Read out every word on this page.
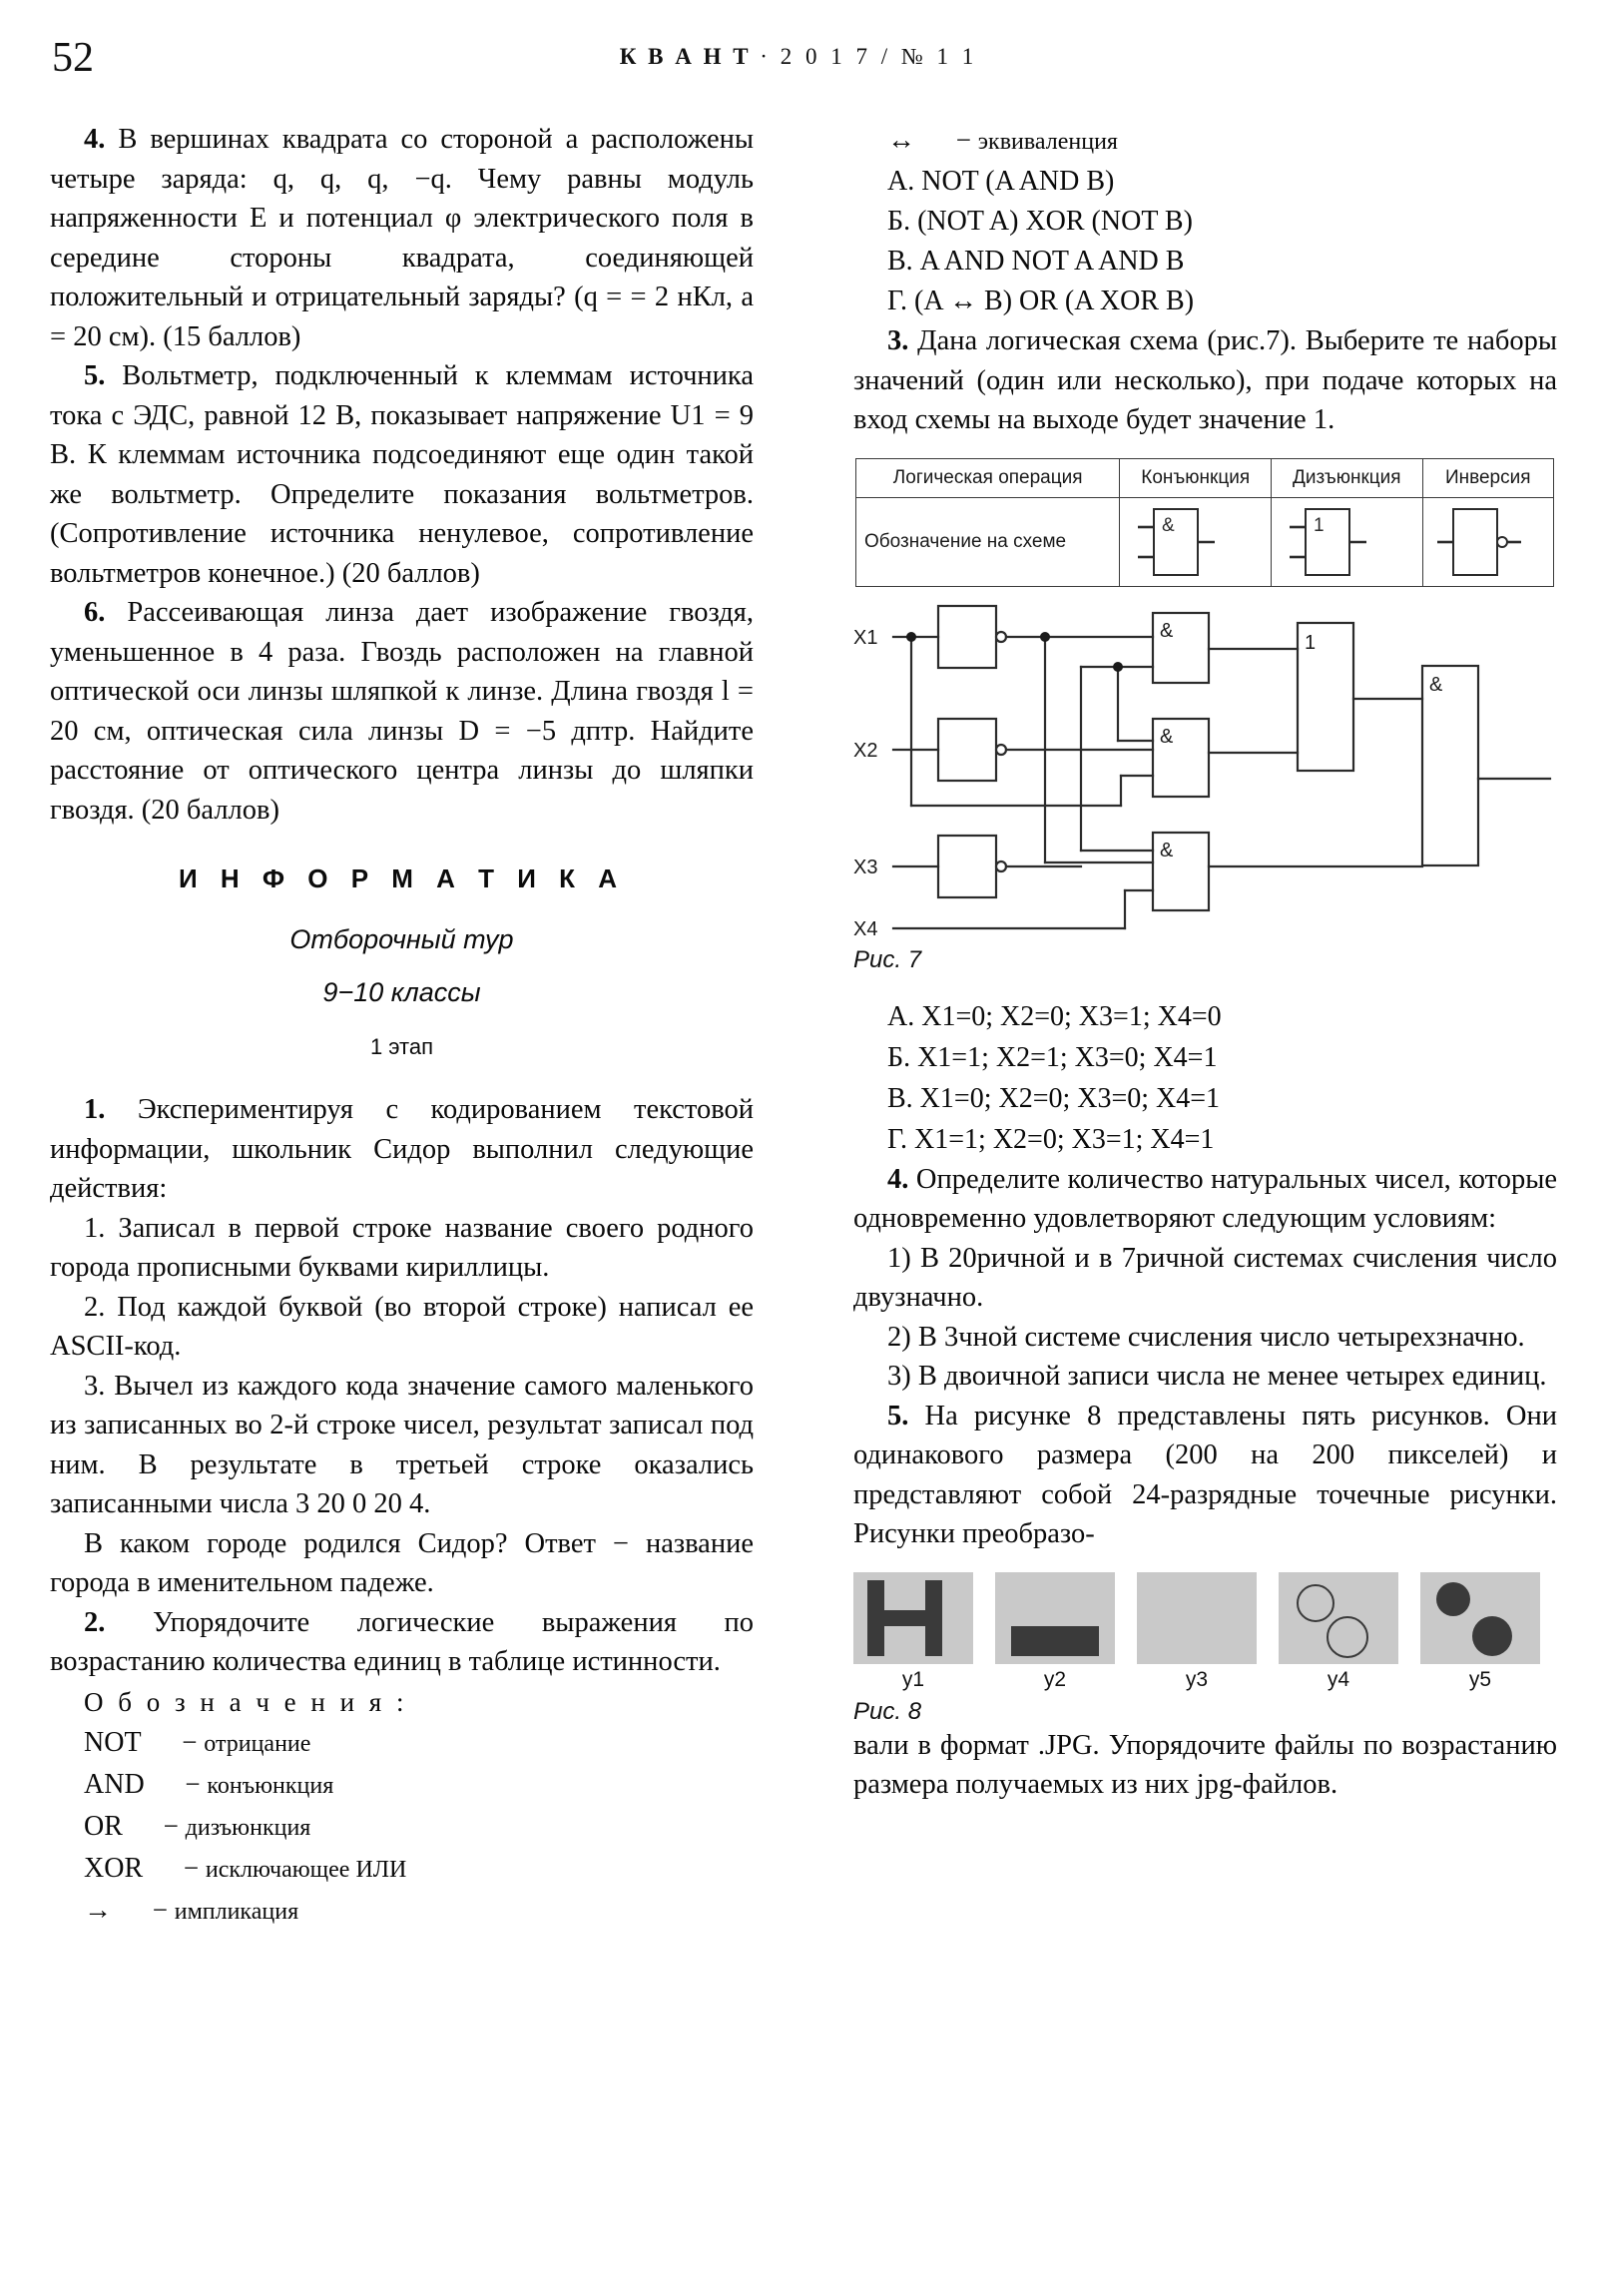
52	К В А Н Т · 2 0 1 7 / № 1 1

4. В вершинах квадрата со стороной a расположены четыре заряда: q, q, q, −q. Чему равны модуль напряженности E и потенциал φ электрического поля в середине стороны квадрата, соединяющей положительный и отрицательный заряды? (q = = 2 нКл, a = 20 см). (15 баллов)

5. Вольтметр, подключенный к клеммам источника тока с ЭДС, равной 12 В, показывает напряжение U1 = 9 В. К клеммам источника подсоединяют еще один такой же вольтметр. Определите показания вольтметров. (Сопротивление источника ненулевое, сопротивление вольтметров конечное.) (20 баллов)

6. Рассеивающая линза дает изображение гвоздя, уменьшенное в 4 раза. Гвоздь расположен на главной оптической оси линзы шляпкой к линзе. Длина гвоздя l = 20 см, оптическая сила линзы D = −5 дптр. Найдите расстояние от оптического центра линзы до шляпки гвоздя. (20 баллов)

И Н Ф О Р М А Т И К А
Отборочный тур
9−10 классы
1 этап

1. Экспериментируя с кодированием текстовой информации, школьник Сидор выполнил следующие действия:

1. Записал в первой строке название своего родного города прописными буквами кириллицы.

2. Под каждой буквой (во второй строке) написал ее ASCII-код.

3. Вычел из каждого кода значение самого маленького из записанных во 2-й строке чисел, результат записал под ним. В результате в третьей строке оказались записанными числа 3 20 0 20 4.

В каком городе родился Сидор? Ответ − название города в именительном падеже.

2. Упорядочите логические выражения по возрастанию количества единиц в таблице истинности.

О б о з н а ч е н и я :

NOT − отрицание

AND − конъюнкция

OR − дизъюнкция

XOR − исключающее ИЛИ

→ − импликация

↔ − эквиваленция

А. NOT (A AND B)

Б. (NOT A) XOR (NOT B)

В. A AND NOT A AND B

Г. (A ↔ B) OR (A XOR B)

3. Дана логическая схема (рис.7). Выберите те наборы значений (один или несколько), при подаче которых на вход схемы на выходе будет значение 1.

Логическая операция	Конъюнкция	Дизъюнкция	Инверсия
Обозначение на схеме	&	1

X1
X2
X3
X4
&
&
&
1
&
Рис. 7

А. X1=0; X2=0; X3=1; X4=0

Б. X1=1; X2=1; X3=0; X4=1

В. X1=0; X2=0; X3=0; X4=1

Г. X1=1; X2=0; X3=1; X4=1

4. Определите количество натуральных чисел, которые одновременно удовлетворяют следующим условиям:

1) В 20ричной и в 7ричной системах счисления число двузначно.

2) В 3чной системе счисления число четырехзначно.

3) В двоичной записи числа не менее четырех единиц.

5. На рисунке 8 представлены пять рисунков. Они одинакового размера (200 на 200 пикселей) и представляют собой 24-разрядные точечные рисунки. Рисунки преобразо-

y1	y2	y3	y4	y5
Рис. 8

вали в формат .JPG. Упорядочите файлы по возрастанию размера получаемых из них jpg-файлов.
